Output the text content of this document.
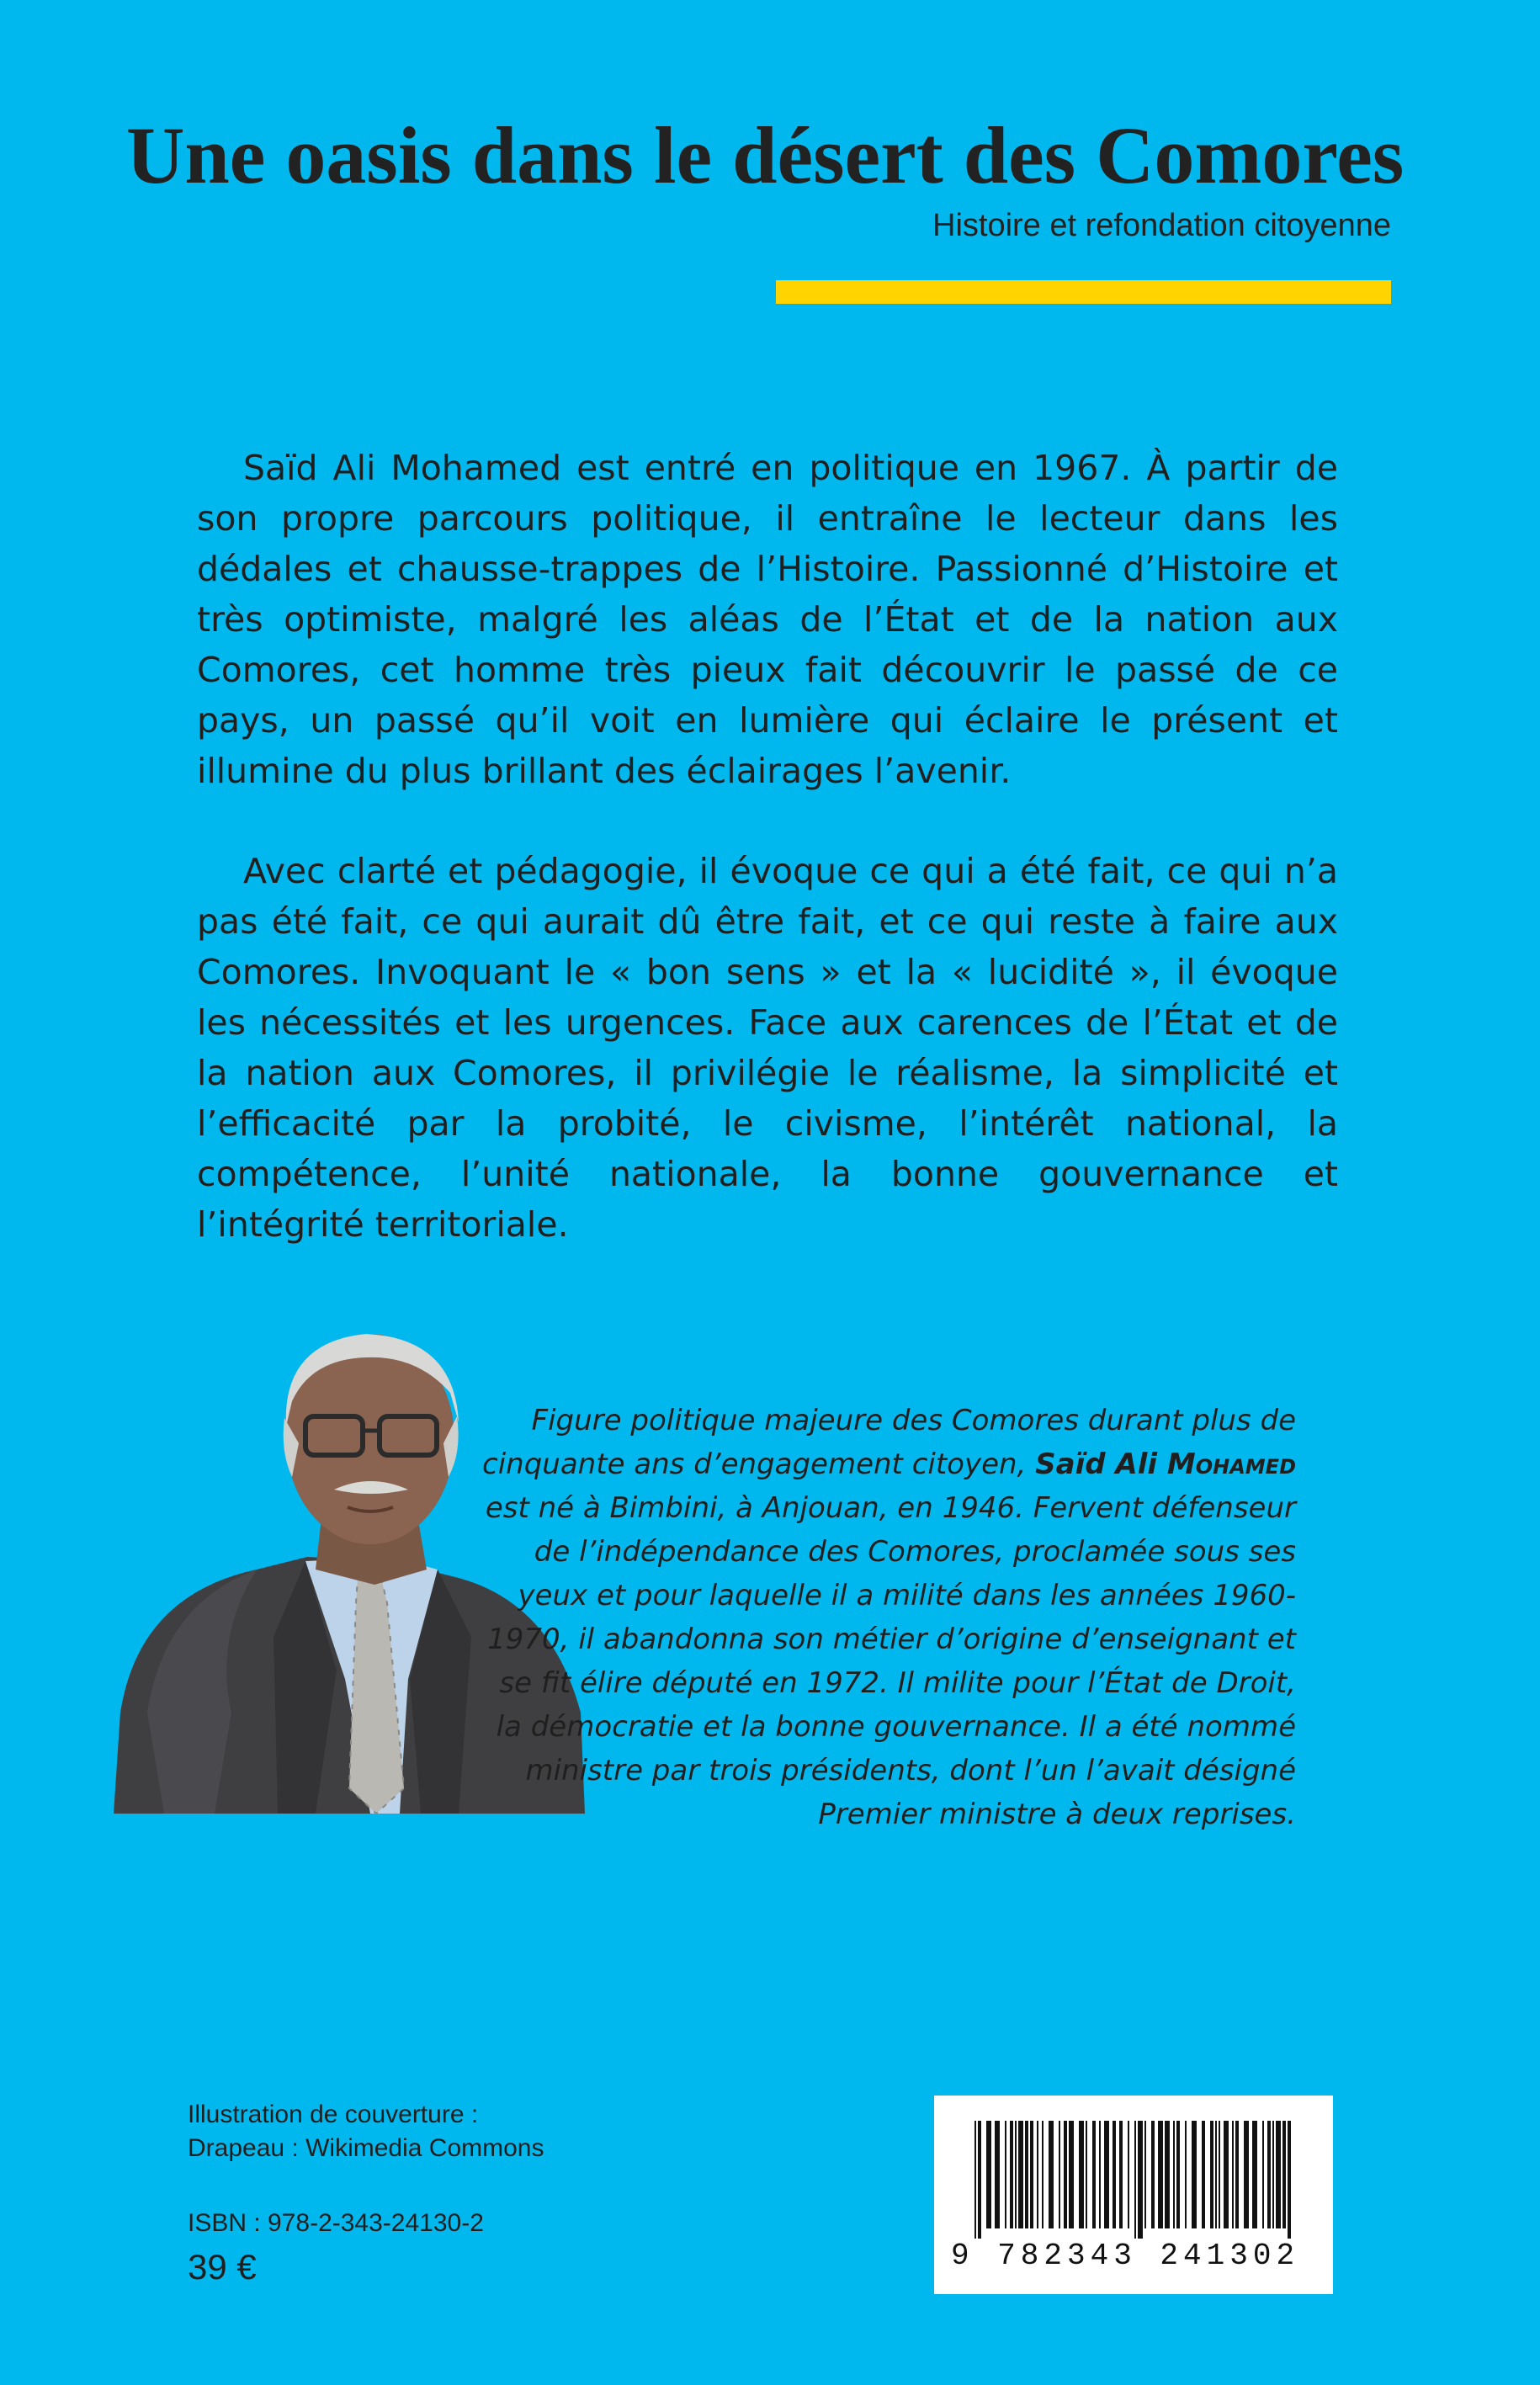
Une oasis dans le désert des Comores
Histoire et refondation citoyenne

Saïd Ali Mohamed est entré en politique en 1967. À partir de son propre parcours politique, il entraîne le lecteur dans les dédales et chausse-trappes de l’Histoire. Passionné d’Histoire et très optimiste, malgré les aléas de l’État et de la nation aux Comores, cet homme très pieux fait découvrir le passé de ce pays, un passé qu’il voit en lumière qui éclaire le présent et illumine du plus brillant des éclairages l’avenir.

Avec clarté et pédagogie, il évoque ce qui a été fait, ce qui n’a pas été fait, ce qui aurait dû être fait, et ce qui reste à faire aux Comores. Invoquant le « bon sens » et la « lucidité », il évoque les nécessités et les urgences. Face aux carences de l’État et de la nation aux Comores, il privilégie le réalisme, la simplicité et l’efficacité par la probité, le civisme, l’intérêt national, la compétence, l’unité nationale, la bonne gouvernance et l’intégrité territoriale.

Figure politique majeure des Comores durant plus de cinquante ans d’engagement citoyen, Saïd Ali Mohamed est né à Bimbini, à Anjouan, en 1946. Fervent défenseur de l’indépendance des Comores, proclamée sous ses yeux et pour laquelle il a milité dans les années 1960-1970, il abandonna son métier d’origine d’enseignant et se fit élire député en 1972. Il milite pour l’État de Droit, la démocratie et la bonne gouvernance. Il a été nommé ministre par trois présidents, dont l’un l’avait désigné Premier ministre à deux reprises.
Illustration de couverture :
Drapeau : Wikimedia Commons
ISBN : 978-2-343-24130-2
39 €	9 782343 241302
